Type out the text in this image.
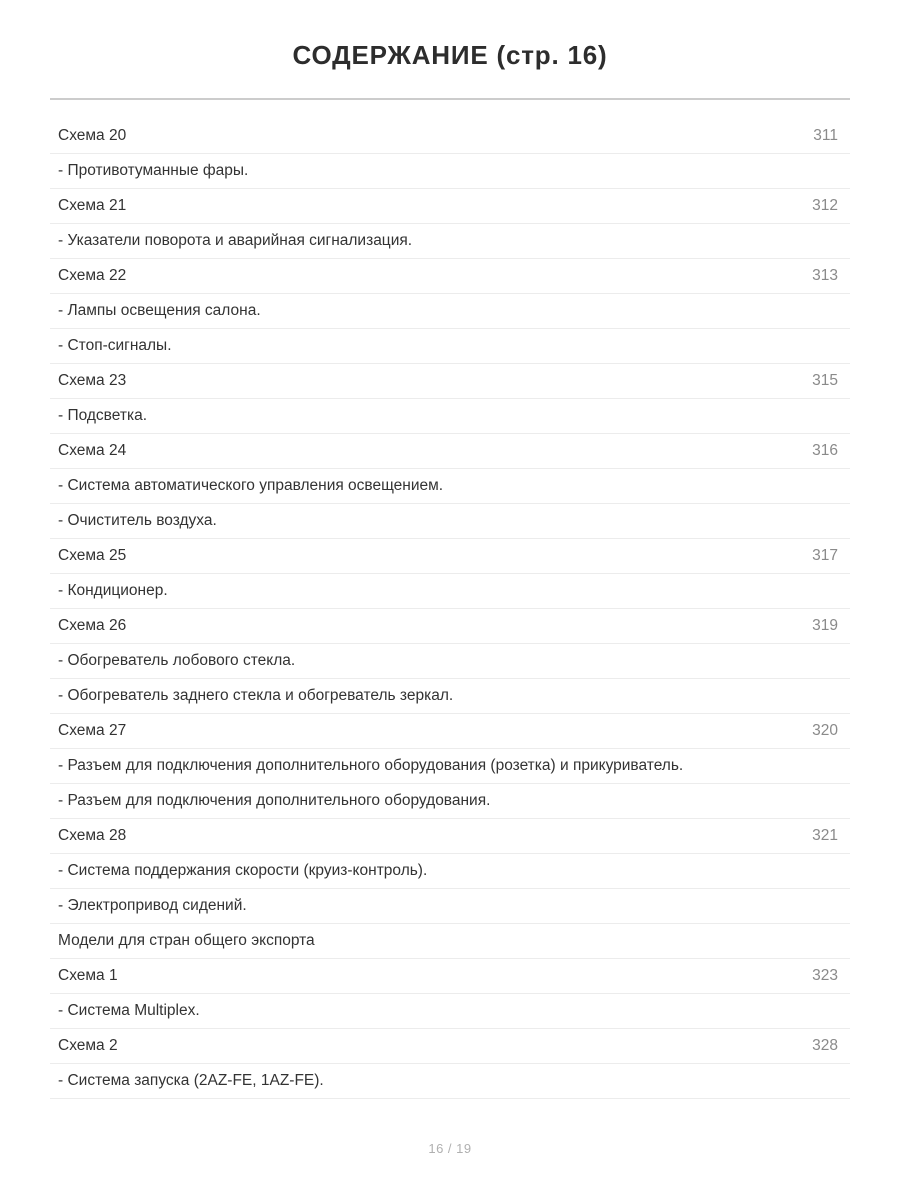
СОДЕРЖАНИЕ (стр. 16)
Схема 20	311
- Противотуманные фары.	
Схема 21	312
- Указатели поворота и аварийная сигнализация.	
Схема 22	313
- Лампы освещения салона.	
- Стоп-сигналы.	
Схема 23	315
- Подсветка.	
Схема 24	316
- Система автоматического управления освещением.	
- Очиститель воздуха.	
Схема 25	317
- Кондиционер.	
Схема 26	319
- Обогреватель лобового стекла.	
- Обогреватель заднего стекла и обогреватель зеркал.	
Схема 27	320
- Разъем для подключения дополнительного оборудования (розетка) и прикуриватель.	
- Разъем для подключения дополнительного оборудования.	
Схема 28	321
- Система поддержания скорости (круиз-контроль).	
- Электропривод сидений.	
Модели для стран общего экспорта	
Схема 1	323
- Система Multiplex.	
Схема 2	328
- Система запуска (2AZ-FE, 1AZ-FE).	
16 / 19
